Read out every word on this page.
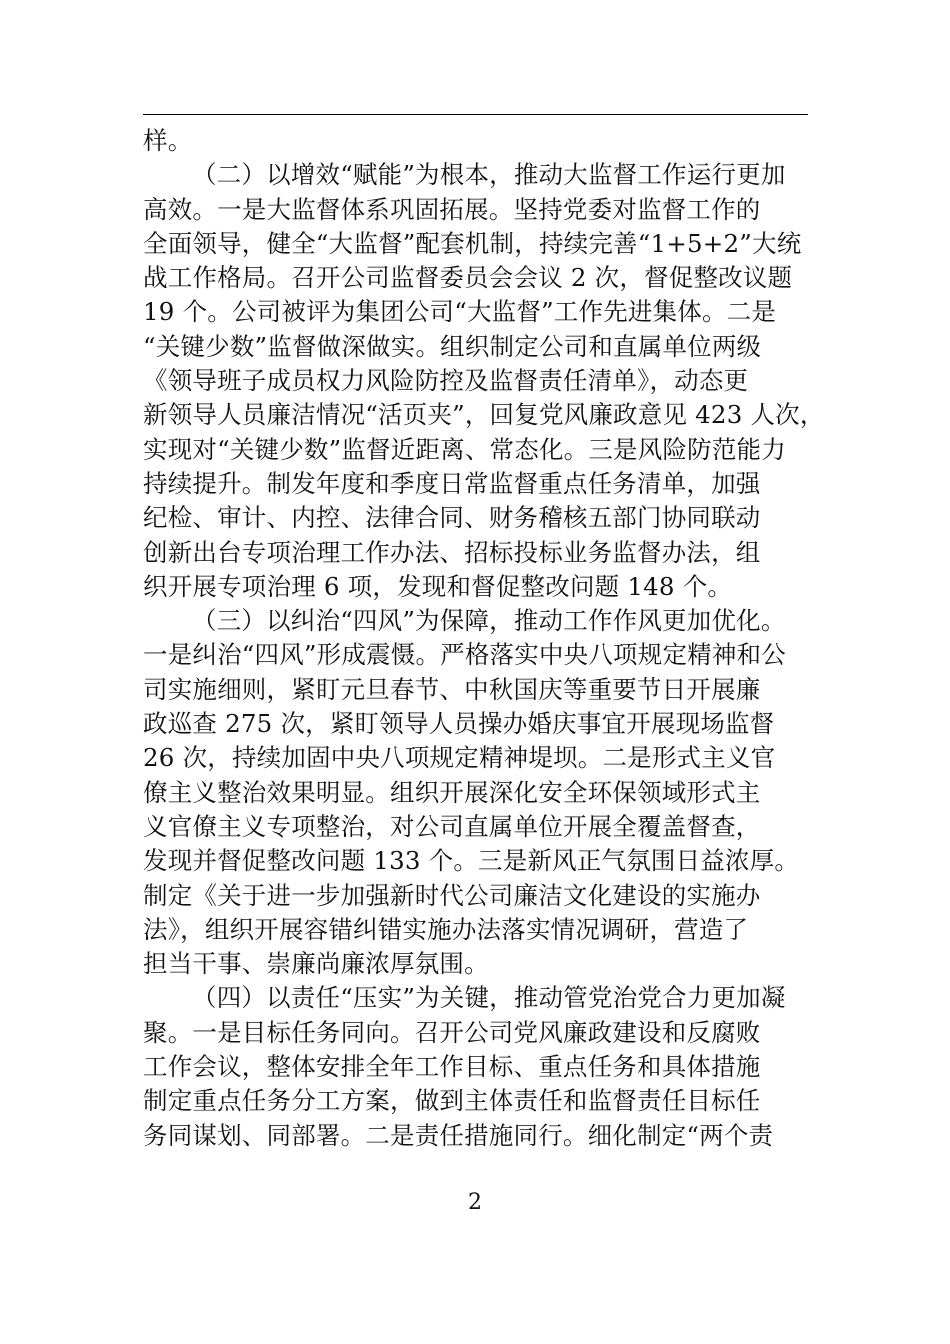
样。
（二）以增效“赋能”为根本，推动大监督工作运行更加
高效。一是大监督体系巩固拓展。坚持党委对监督工作的
全面领导，健全“大监督”配套机制，持续完善“1+5+2”大统
战工作格局。召开公司监督委员会会议 2 次，督促整改议题
19 个。公司被评为集团公司“大监督”工作先进集体。二是
“关键少数”监督做深做实。组织制定公司和直属单位两级
《领导班子成员权力风险防控及监督责任清单》，动态更
新领导人员廉洁情况“活页夹”，回复党风廉政意见 423 人次，
实现对“关键少数”监督近距离、常态化。三是风险防范能力
持续提升。制发年度和季度日常监督重点任务清单，加强
纪检、审计、内控、法律合同、财务稽核五部门协同联动
创新出台专项治理工作办法、招标投标业务监督办法，组
织开展专项治理 6 项，发现和督促整改问题 148 个。
（三）以纠治“四风”为保障，推动工作作风更加优化。
一是纠治“四风”形成震慑。严格落实中央八项规定精神和公
司实施细则，紧盯元旦春节、中秋国庆等重要节日开展廉
政巡查 275 次，紧盯领导人员操办婚庆事宜开展现场监督
26 次，持续加固中央八项规定精神堤坝。二是形式主义官
僚主义整治效果明显。组织开展深化安全环保领域形式主
义官僚主义专项整治，对公司直属单位开展全覆盖督查，
发现并督促整改问题 133 个。三是新风正气氛围日益浓厚。
制定《关于进一步加强新时代公司廉洁文化建设的实施办
法》，组织开展容错纠错实施办法落实情况调研，营造了
担当干事、崇廉尚廉浓厚氛围。
（四）以责任“压实”为关键，推动管党治党合力更加凝
聚。一是目标任务同向。召开公司党风廉政建设和反腐败
工作会议，整体安排全年工作目标、重点任务和具体措施
制定重点任务分工方案，做到主体责任和监督责任目标任
务同谋划、同部署。二是责任措施同行。细化制定“两个责
2
